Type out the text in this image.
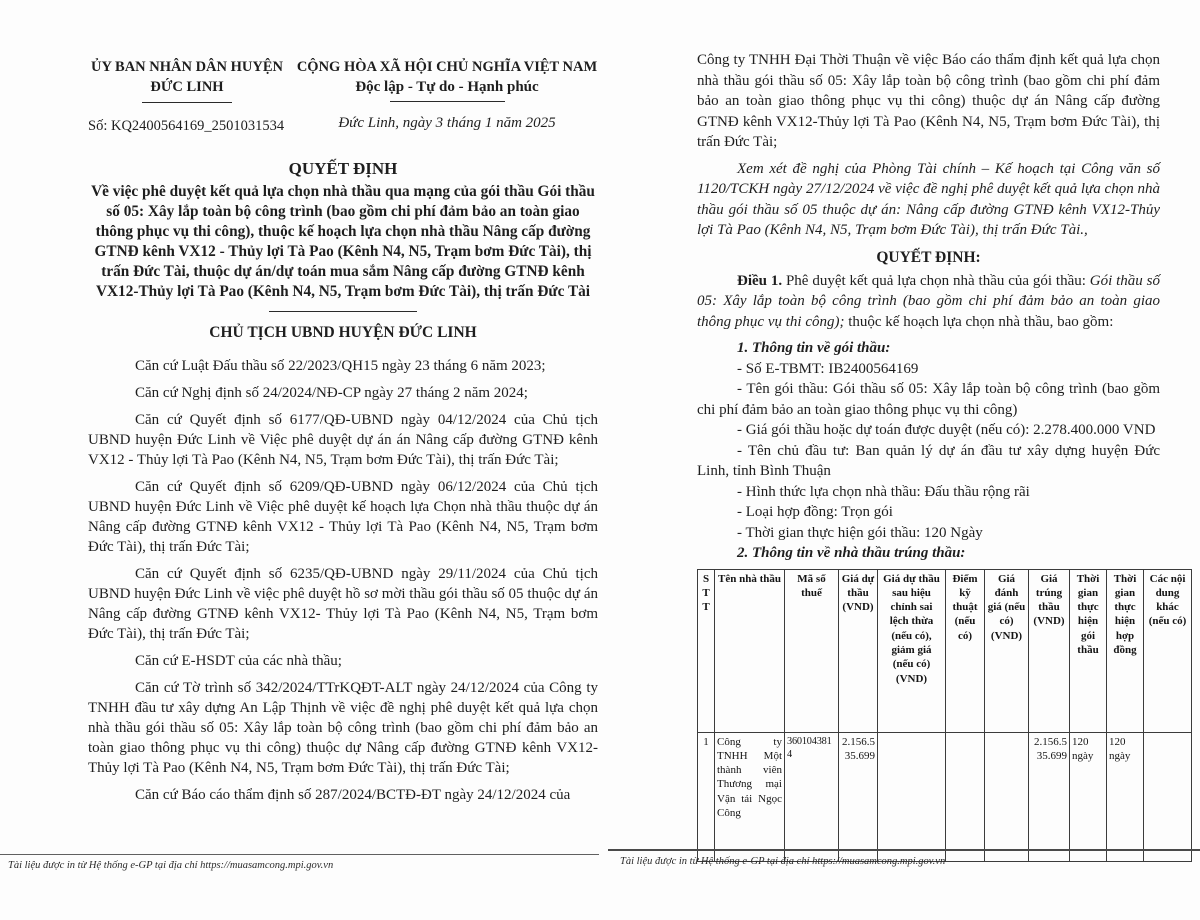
ỦY BAN NHÂN DÂN HUYỆN
ĐỨC LINH
Số: KQ2400564169_2501031534
CỘNG HÒA XÃ HỘI CHỦ NGHĨA VIỆT NAM
Độc lập - Tự do - Hạnh phúc
Đức Linh, ngày 3 tháng 1 năm 2025
QUYẾT ĐỊNH
Về việc phê duyệt kết quả lựa chọn nhà thầu qua mạng của gói thầu Gói thầu số 05: Xây lắp toàn bộ công trình (bao gồm chi phí đảm bảo an toàn giao thông phục vụ thi công), thuộc kế hoạch lựa chọn nhà thầu Nâng cấp đường GTNĐ kênh VX12 - Thủy lợi Tà Pao (Kênh N4, N5, Trạm bơm Đức Tài), thị trấn Đức Tài, thuộc dự án/dự toán mua sắm Nâng cấp đường GTNĐ kênh VX12-Thủy lợi Tà Pao (Kênh N4, N5, Trạm bơm Đức Tài), thị trấn Đức Tài
CHỦ TỊCH UBND HUYỆN ĐỨC LINH

Căn cứ Luật Đấu thầu số 22/2023/QH15 ngày 23 tháng 6 năm 2023;

Căn cứ Nghị định số 24/2024/NĐ-CP ngày 27 tháng 2 năm 2024;

Căn cứ Quyết định số 6177/QĐ-UBND ngày 04/12/2024 của Chủ tịch UBND huyện Đức Linh về Việc phê duyệt dự án án Nâng cấp đường GTNĐ kênh VX12 - Thủy lợi Tà Pao (Kênh N4, N5, Trạm bơm Đức Tài), thị trấn Đức Tài;

Căn cứ Quyết định số 6209/QĐ-UBND ngày 06/12/2024 của Chủ tịch UBND huyện Đức Linh về Việc phê duyệt kế hoạch lựa Chọn nhà thầu thuộc dự án Nâng cấp đường GTNĐ kênh VX12 - Thủy lợi Tà Pao (Kênh N4, N5, Trạm bơm Đức Tài), thị trấn Đức Tài;

Căn cứ Quyết định số 6235/QĐ-UBND ngày 29/11/2024 của Chủ tịch UBND huyện Đức Linh về việc phê duyệt hồ sơ mời thầu gói thầu số 05 thuộc dự án Nâng cấp đường GTNĐ kênh VX12- Thủy lợi Tà Pao (Kênh N4, N5, Trạm bơm Đức Tài), thị trấn Đức Tài;

Căn cứ E-HSDT của các nhà thầu;

Căn cứ Tờ trình số 342/2024/TTrKQĐT-ALT ngày 24/12/2024 của Công ty TNHH đầu tư xây dựng An Lập Thịnh về việc đề nghị phê duyệt kết quả lựa chọn nhà thầu gói thầu số 05: Xây lắp toàn bộ công trình (bao gồm chi phí đảm bảo an toàn giao thông phục vụ thi công) thuộc dự Nâng cấp đường GTNĐ kênh VX12-Thủy lợi Tà Pao (Kênh N4, N5, Trạm bơm Đức Tài), thị trấn Đức Tài;

Căn cứ Báo cáo thẩm định số 287/2024/BCTĐ-ĐT ngày 24/12/2024 của

Công ty TNHH Đại Thời Thuận về việc Báo cáo thẩm định kết quả lựa chọn nhà thầu gói thầu số 05: Xây lắp toàn bộ công trình (bao gồm chi phí đảm bảo an toàn giao thông phục vụ thi công) thuộc dự án Nâng cấp đường GTNĐ kênh VX12-Thủy lợi Tà Pao (Kênh N4, N5, Trạm bơm Đức Tài), thị trấn Đức Tài;

Xem xét đề nghị của Phòng Tài chính – Kế hoạch tại Công văn số 1120/TCKH ngày 27/12/2024 về việc đề nghị phê duyệt kết quả lựa chọn nhà thầu gói thầu số 05 thuộc dự án: Nâng cấp đường GTNĐ kênh VX12-Thủy lợi Tà Pao (Kênh N4, N5, Trạm bơm Đức Tài), thị trấn Đức Tài.,

QUYẾT ĐỊNH:

Điều 1. Phê duyệt kết quả lựa chọn nhà thầu của gói thầu: Gói thầu số 05: Xây lắp toàn bộ công trình (bao gồm chi phí đảm bảo an toàn giao thông phục vụ thi công); thuộc kế hoạch lựa chọn nhà thầu, bao gồm:

1. Thông tin về gói thầu:

- Số E-TBMT: IB2400564169

- Tên gói thầu: Gói thầu số 05: Xây lắp toàn bộ công trình (bao gồm chi phí đảm bảo an toàn giao thông phục vụ thi công)

- Giá gói thầu hoặc dự toán được duyệt (nếu có): 2.278.400.000 VND

- Tên chủ đầu tư: Ban quản lý dự án đầu tư xây dựng huyện Đức Linh, tỉnh Bình Thuận

- Hình thức lựa chọn nhà thầu: Đấu thầu rộng rãi

- Loại hợp đồng: Trọn gói

- Thời gian thực hiện gói thầu: 120 Ngày

2. Thông tin về nhà thầu trúng thầu:
STT	Tên nhà thầu	Mã số thuế	Giá dự thầu (VND)	Giá dự thầu sau hiệu chỉnh sai lệch thừa (nếu có), giảm giá (nếu có) (VND)	Điểm kỹ thuật (nếu có)	Giá đánh giá (nếu có) (VND)	Giá trúng thầu (VND)	Thời gian thực hiện gói thầu	Thời gian thực hiện hợp đồng	Các nội dung khác (nếu có)
1	Công ty TNHH Một thành viên Thương mại Vận tải Ngọc Công	3601043814	2.156.535.699				2.156.535.699	120 ngày	120 ngày	
Tài liệu được in từ Hệ thống e-GP tại địa chỉ https://muasamcong.mpi.gov.vn	Tài liệu được in từ Hệ thống e-GP tại địa chỉ https://muasamcong.mpi.gov.vn
